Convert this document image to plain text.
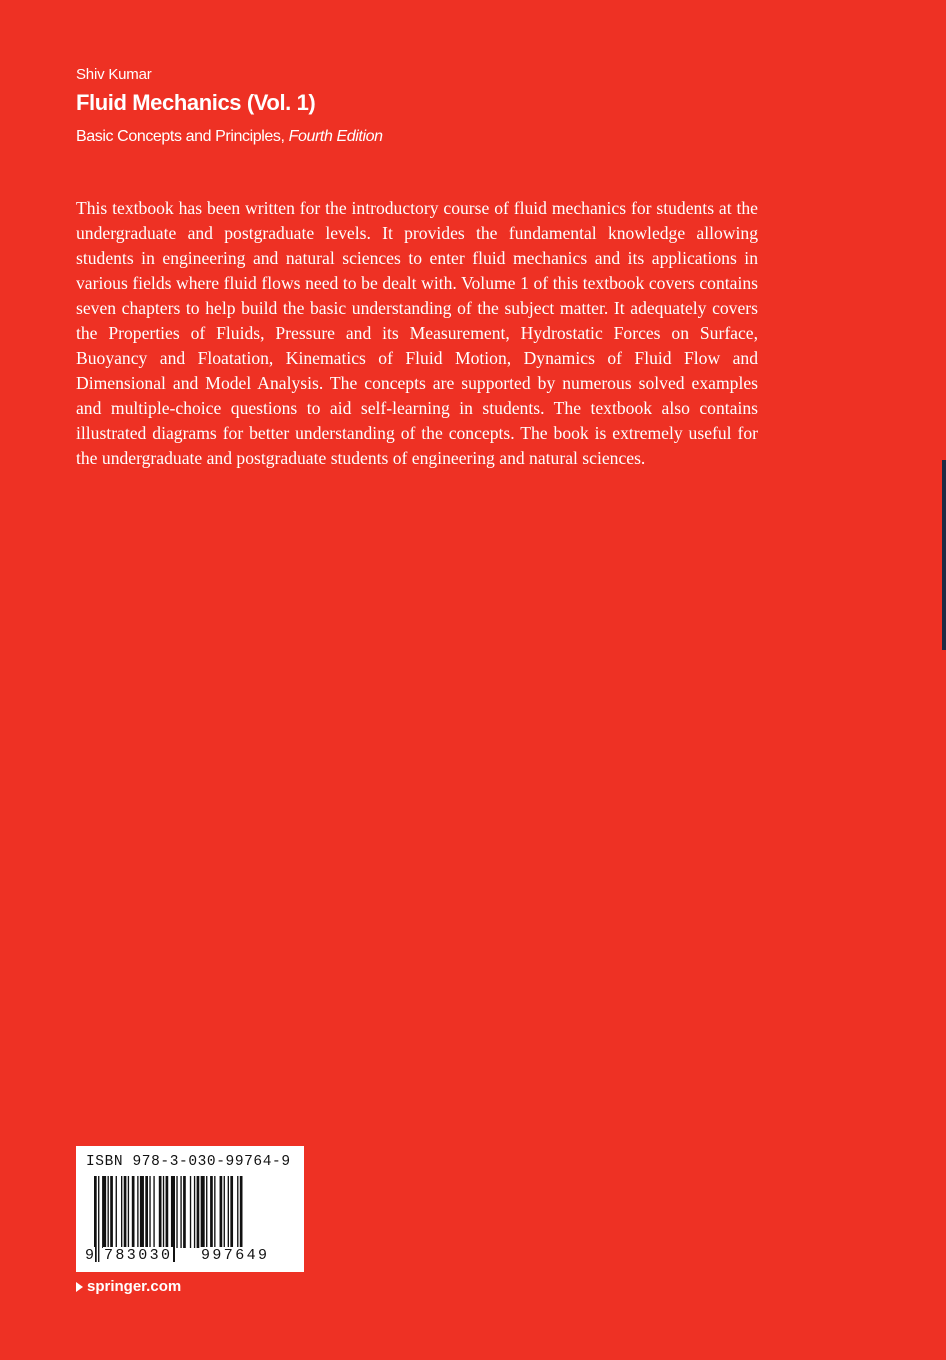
Shiv Kumar
Fluid Mechanics (Vol. 1)
Basic Concepts and Principles, Fourth Edition

This textbook has been written for the introductory course of fluid mechanics for students at the undergraduate and postgraduate levels. It provides the fundamental knowledge allowing students in engineering and natural sciences to enter fluid mechanics and its applications in various fields where fluid flows need to be dealt with. Volume 1 of this textbook covers contains seven chapters to help build the basic understanding of the subject matter. It adequately covers the Properties of Fluids, Pressure and its Measurement, Hydrostatic Forces on Surface, Buoyancy and Floatation, Kinematics of Fluid Motion, Dynamics of Fluid Flow and Dimensional and Model Analysis. The concepts are supported by numerous solved examples and multiple-choice questions to aid self-learning in students. The textbook also contains illustrated diagrams for better understanding of the concepts. The book is extremely useful for the undergraduate and postgraduate students of engineering and natural sciences.

ISBN 978-3-030-99764-9
9 783030 997649
springer.com
